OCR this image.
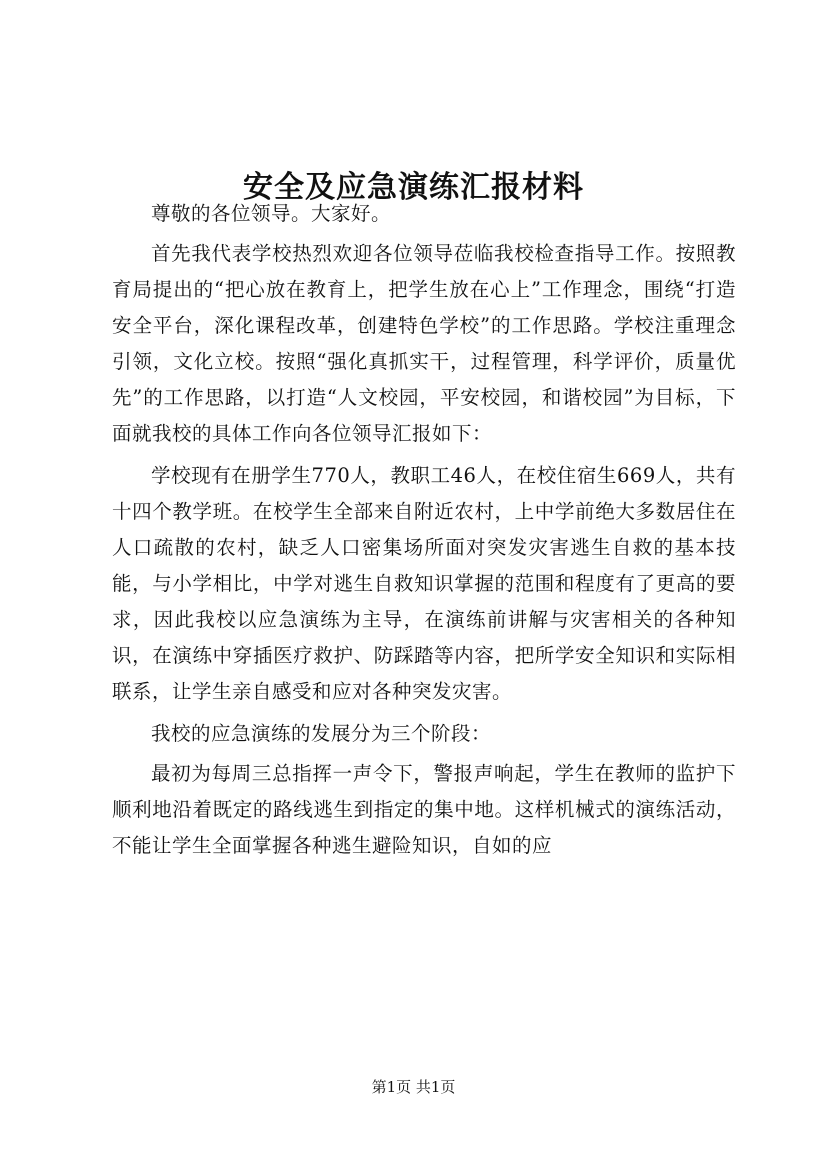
安全及应急演练汇报材料

尊敬的各位领导。大家好。

首先我代表学校热烈欢迎各位领导莅临我校检查指导工作。按照教育局提出的“把心放在教育上，把学生放在心上”工作理念，围绕“打造安全平台，深化课程改革，创建特色学校”的工作思路。学校注重理念引领，文化立校。按照“强化真抓实干，过程管理，科学评价，质量优先”的工作思路，以打造“人文校园，平安校园，和谐校园”为目标，下面就我校的具体工作向各位领导汇报如下：

学校现有在册学生770人，教职工46人，在校住宿生669人，共有十四个教学班。在校学生全部来自附近农村，上中学前绝大多数居住在人口疏散的农村，缺乏人口密集场所面对突发灾害逃生自救的基本技能，与小学相比，中学对逃生自救知识掌握的范围和程度有了更高的要求，因此我校以应急演练为主导，在演练前讲解与灾害相关的各种知识，在演练中穿插医疗救护、防踩踏等内容，把所学安全知识和实际相联系，让学生亲自感受和应对各种突发灾害。

我校的应急演练的发展分为三个阶段：

最初为每周三总指挥一声令下，警报声响起，学生在教师的监护下顺利地沿着既定的路线逃生到指定的集中地。这样机械式的演练活动，不能让学生全面掌握各种逃生避险知识，自如的应

第1页 共1页
